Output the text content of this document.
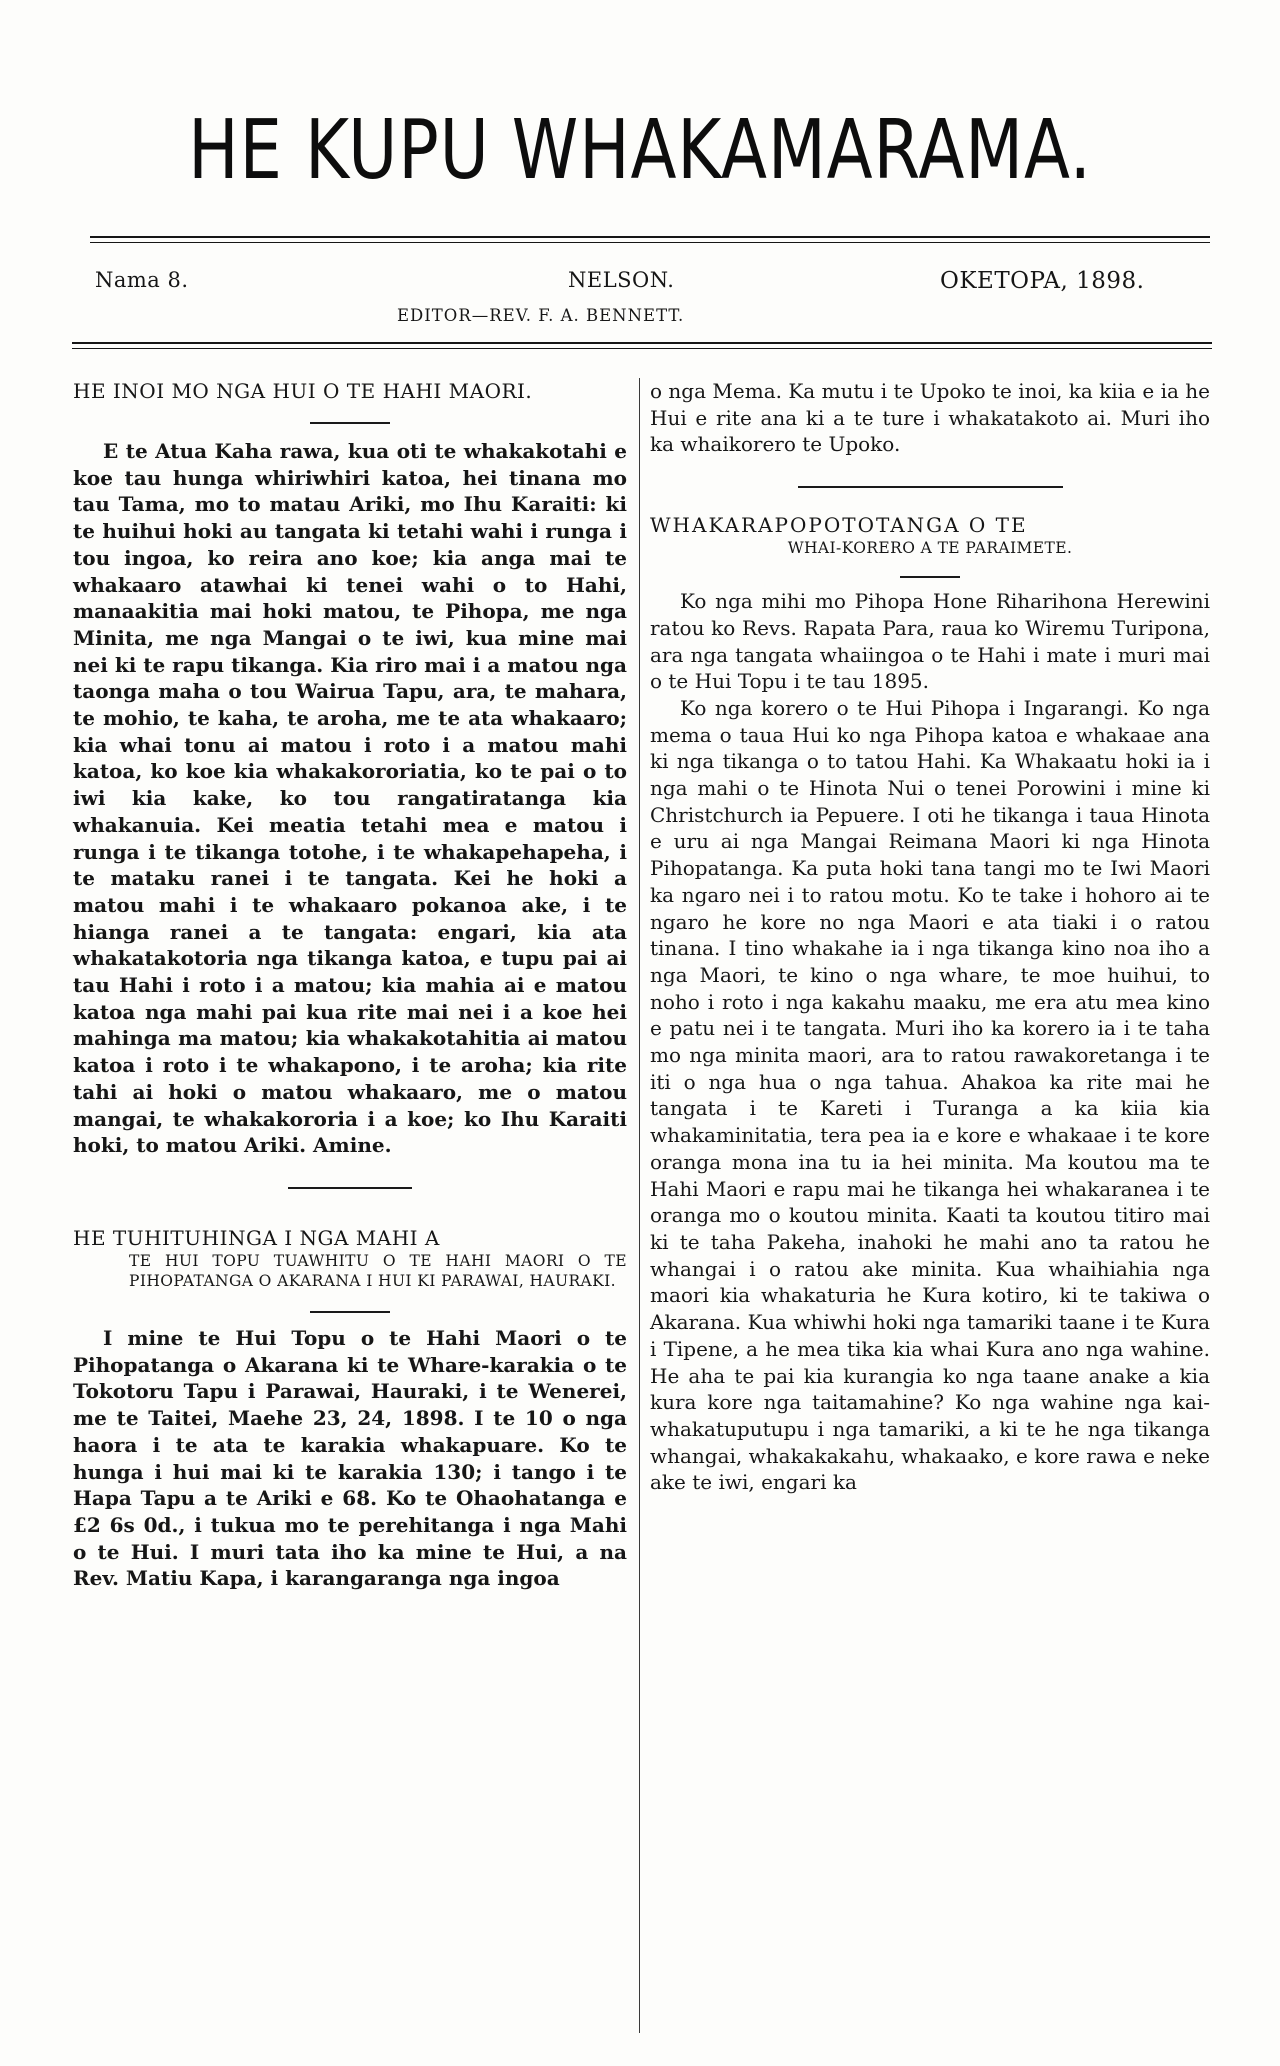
HE KUPU WHAKAMARAMA.
Nama 8.	NELSON.	OKETOPA, 1898.
EDITOR—REV. F. A. BENNETT.

HE INOI MO NGA HUI O TE HAHI MAORI.

E te Atua Kaha rawa, kua oti te whakakotahi e koe tau hunga whiriwhiri katoa, hei tinana mo tau Tama, mo to matau Ariki, mo Ihu Karaiti: ki te huihui hoki au tangata ki tetahi wahi i runga i tou ingoa, ko reira ano koe; kia anga mai te whakaaro atawhai ki tenei wahi o to Hahi, manaakitia mai hoki matou, te Pihopa, me nga Minita, me nga Mangai o te iwi, kua mine mai nei ki te rapu tikanga. Kia riro mai i a matou nga taonga maha o tou Wairua Tapu, ara, te mahara, te mohio, te kaha, te aroha, me te ata whakaaro; kia whai tonu ai matou i roto i a matou mahi katoa, ko koe kia whakakororiatia, ko te pai o to iwi kia kake, ko tou rangatiratanga kia whakanuia. Kei meatia tetahi mea e matou i runga i te tikanga totohe, i te whakapehapeha, i te mataku ranei i te tangata. Kei he hoki a matou mahi i te whakaaro pokanoa ake, i te hianga ranei a te tangata: engari, kia ata whakatakotoria nga tikanga katoa, e tupu pai ai tau Hahi i roto i a matou; kia mahia ai e matou katoa nga mahi pai kua rite mai nei i a koe hei mahinga ma matou; kia whakakotahitia ai matou katoa i roto i te whakapono, i te aroha; kia rite tahi ai hoki o matou whakaaro, me o matou mangai, te whakakororia i a koe; ko Ihu Karaiti hoki, to matou Ariki. Amine.

HE TUHITUHINGA I NGA MAHI A

TE HUI TOPU TUAWHITU O TE HAHI MAORI O TE PIHOPATANGA O AKARANA I HUI KI PARAWAI, HAURAKI.

I mine te Hui Topu o te Hahi Maori o te Pihopatanga o Akarana ki te Whare-karakia o te Tokotoru Tapu i Parawai, Hauraki, i te Wenerei, me te Taitei, Maehe 23, 24, 1898. I te 10 o nga haora i te ata te karakia whakapuare. Ko te hunga i hui mai ki te karakia 130; i tango i te Hapa Tapu a te Ariki e 68. Ko te Ohaohatanga e £2 6s 0d., i tukua mo te perehitanga i nga Mahi o te Hui. I muri tata iho ka mine te Hui, a na Rev. Matiu Kapa, i karangaranga nga ingoa

o nga Mema. Ka mutu i te Upoko te inoi, ka kiia e ia he Hui e rite ana ki a te ture i whakatakoto ai. Muri iho ka whaikorero te Upoko.

WHAKARAPOPOTOTANGA O TE

WHAI-KORERO A TE PARAIMETE.

Ko nga mihi mo Pihopa Hone Riharihona Herewini ratou ko Revs. Rapata Para, raua ko Wiremu Turipona, ara nga tangata whaiingoa o te Hahi i mate i muri mai o te Hui Topu i te tau 1895.

Ko nga korero o te Hui Pihopa i Ingarangi. Ko nga mema o taua Hui ko nga Pihopa katoa e whakaae ana ki nga tikanga o to tatou Hahi. Ka Whakaatu hoki ia i nga mahi o te Hinota Nui o tenei Porowini i mine ki Christchurch ia Pepuere. I oti he tikanga i taua Hinota e uru ai nga Mangai Reimana Maori ki nga Hinota Pihopatanga. Ka puta hoki tana tangi mo te Iwi Maori ka ngaro nei i to ratou motu. Ko te take i hohoro ai te ngaro he kore no nga Maori e ata tiaki i o ratou tinana. I tino whakahe ia i nga tikanga kino noa iho a nga Maori, te kino o nga whare, te moe huihui, to noho i roto i nga kakahu maaku, me era atu mea kino e patu nei i te tangata. Muri iho ka korero ia i te taha mo nga minita maori, ara to ratou rawakoretanga i te iti o nga hua o nga tahua. Ahakoa ka rite mai he tangata i te Kareti i Turanga a ka kiia kia whakaminitatia, tera pea ia e kore e whakaae i te kore oranga mona ina tu ia hei minita. Ma koutou ma te Hahi Maori e rapu mai he tikanga hei whakaranea i te oranga mo o koutou minita. Kaati ta koutou titiro mai ki te taha Pakeha, inahoki he mahi ano ta ratou he whangai i o ratou ake minita. Kua whaihiahia nga maori kia whakaturia he Kura kotiro, ki te takiwa o Akarana. Kua whiwhi hoki nga tamariki taane i te Kura i Tipene, a he mea tika kia whai Kura ano nga wahine. He aha te pai kia kurangia ko nga taane anake a kia kura kore nga taitamahine? Ko nga wahine nga kai-whakatuputupu i nga tamariki, a ki te he nga tikanga whangai, whakakakahu, whakaako, e kore rawa e neke ake te iwi, engari ka
